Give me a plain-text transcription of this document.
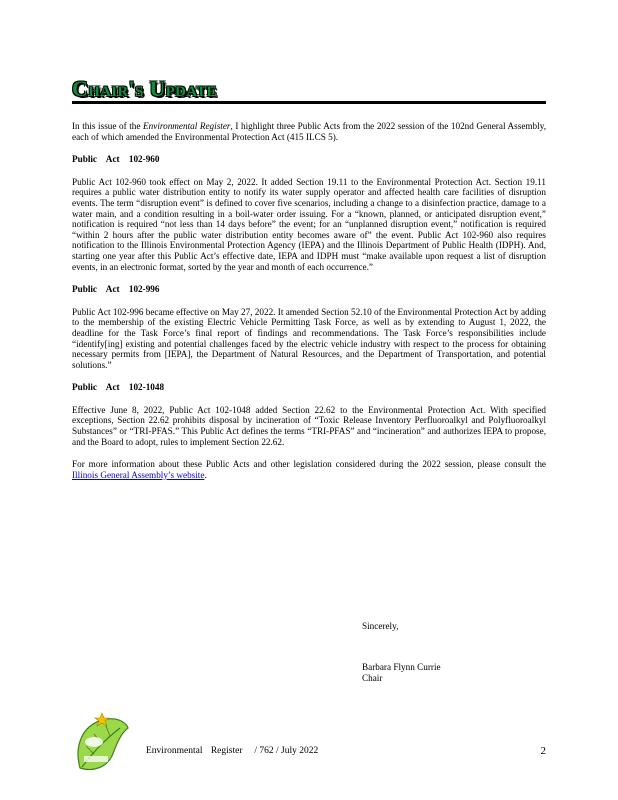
Chair's Update

In this issue of the Environmental Register, I highlight three Public Acts from the 2022 session of the 102nd General Assembly, each of which amended the Environmental Protection Act (415 ILCS 5).

Public Act 102-960

Public Act 102-960 took effect on May 2, 2022. It added Section 19.11 to the Environmental Protection Act. Section 19.11 requires a public water distribution entity to notify its water supply operator and affected health care facilities of disruption events. The term “disruption event” is defined to cover five scenarios, including a change to a disinfection practice, damage to a water main, and a condition resulting in a boil-water order issuing. For a “known, planned, or anticipated disruption event,” notification is required “not less than 14 days before” the event; for an “unplanned disruption event,” notification is required “within 2 hours after the public water distribution entity becomes aware of” the event. Public Act 102-960 also requires notification to the Illinois Environmental Protection Agency (IEPA) and the Illinois Department of Public Health (IDPH). And, starting one year after this Public Act’s effective date, IEPA and IDPH must “make available upon request a list of disruption events, in an electronic format, sorted by the year and month of each occurrence.”

Public Act 102-996

Public Act 102-996 became effective on May 27, 2022. It amended Section 52.10 of the Environmental Protection Act by adding to the membership of the existing Electric Vehicle Permitting Task Force, as well as by extending to August 1, 2022, the deadline for the Task Force’s final report of findings and recommendations. The Task Force’s responsibilities include “identify[ing] existing and potential challenges faced by the electric vehicle industry with respect to the process for obtaining necessary permits from [IEPA], the Department of Natural Resources, and the Department of Transportation, and potential solutions.”

Public Act 102-1048

Effective June 8, 2022, Public Act 102-1048 added Section 22.62 to the Environmental Protection Act. With specified exceptions, Section 22.62 prohibits disposal by incineration of “Toxic Release Inventory Perfluoroalkyl and Polyfluoroalkyl Substances” or “TRI-PFAS.” This Public Act defines the terms “TRI-PFAS” and “incineration” and authorizes IEPA to propose, and the Board to adopt, rules to implement Section 22.62.

For more information about these Public Acts and other legislation considered during the 2022 session, please consult the Illinois General Assembly’s website.

Sincerely,
Barbara Flynn Currie
Chair
Environmental Register / 762 / July 2022	2
